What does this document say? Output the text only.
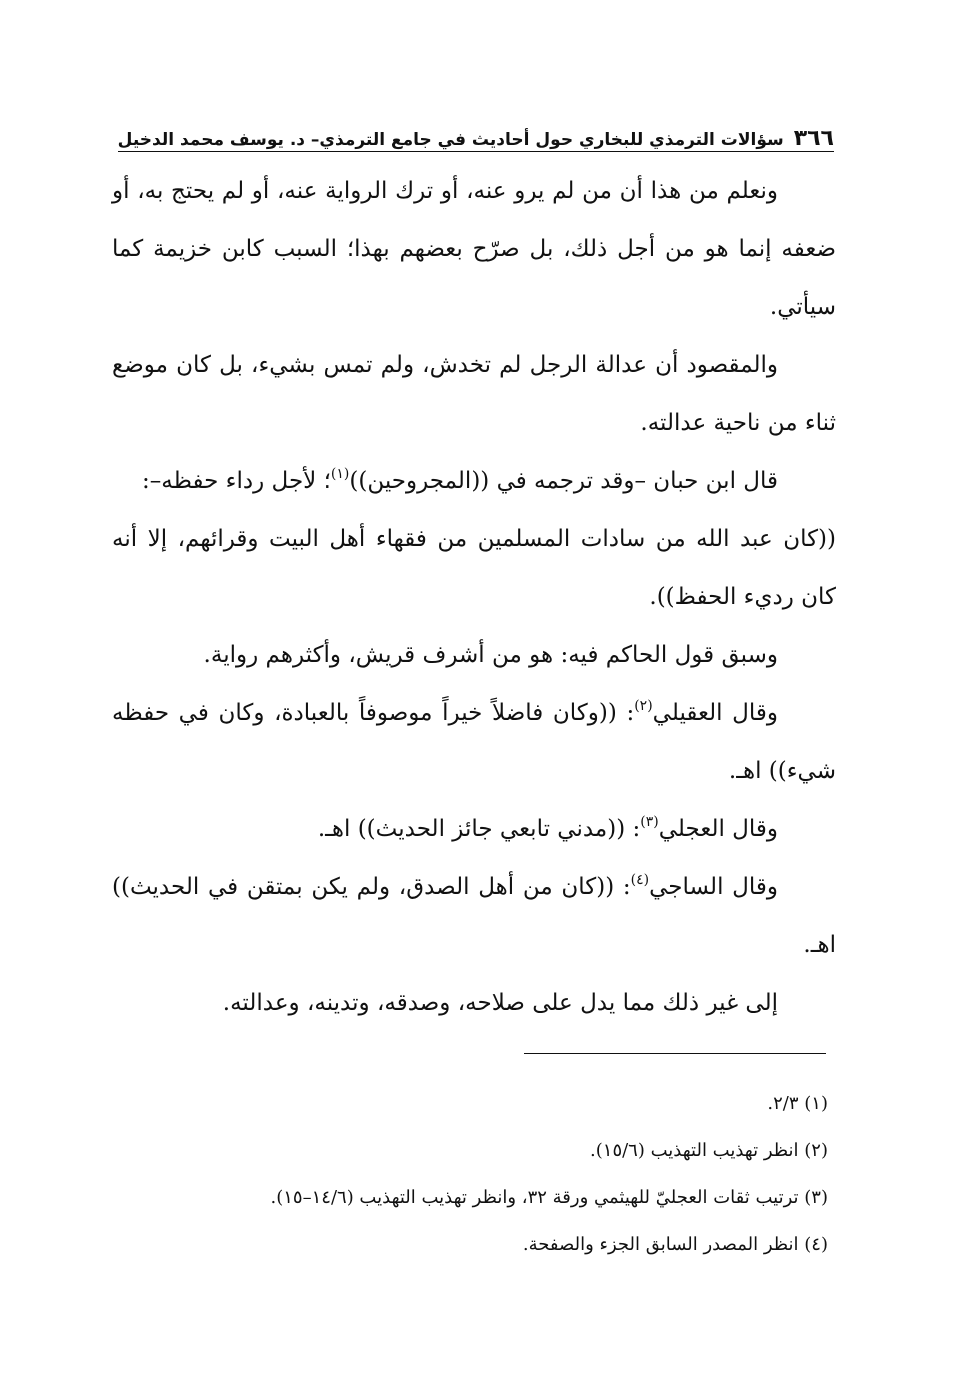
٣٦٦
سؤالات الترمذي للبخاري حول أحاديث في جامع الترمذي– د. يوسف محمد الدخيل

ونعلم من هذا أن من لم يرو عنه، أو ترك الرواية عنه، أو لم يحتج به، أو ضعفه إنما هو من أجل ذلك، بل صرّح بعضهم بهذا؛ السبب كابن خزيمة كما سيأتي.

والمقصود أن عدالة الرجل لم تخدش، ولم تمس بشيء، بل كان موضع ثناء من ناحية عدالته.

قال ابن حبان –وقد ترجمه في ((المجروحين))$^{(١)}$؛ لأجل رداء حفظه–:

((كان عبد الله من سادات المسلمين من فقهاء أهل البيت وقرائهم، إلا أنه كان رديء الحفظ)).

وسبق قول الحاكم فيه: هو من أشرف قريش، وأكثرهم رواية.

وقال العقيلي$^{(٢)}$: ((وكان فاضلاً خيراً موصوفاً بالعبادة، وكان في حفظه شيء)) اهـ.

وقال العجلي$^{(٣)}$: ((مدني تابعي جائز الحديث)) اهـ.

وقال الساجي$^{(٤)}$: ((كان من أهل الصدق، ولم يكن بمتقن في الحديث)) اهـ.

إلى غير ذلك مما يدل على صلاحه، وصدقه، وتدينه، وعدالته.

(١) ٢/٣.

(٢) انظر تهذيب التهذيب (١٥/٦).

(٣) ترتيب ثقات العجليّ للهيثمي ورقة ٣٢، وانظر تهذيب التهذيب (١٤/٦–١٥).

(٤) انظر المصدر السابق الجزء والصفحة.
